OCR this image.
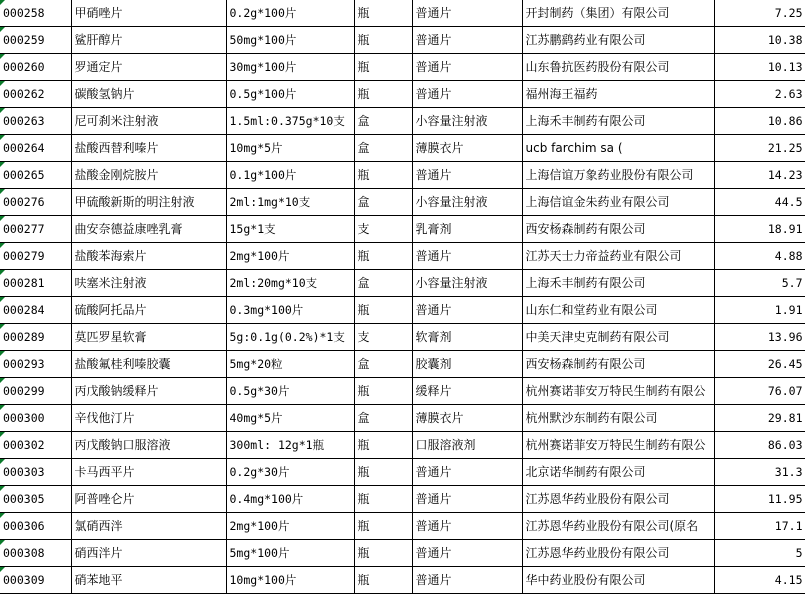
000258	甲硝唑片	0.2g*100片	瓶	普通片	开封制药（集团）有限公司	7.25
000259	鲨肝醇片	50mg*100片	瓶	普通片	江苏鹏鹞药业有限公司	10.38
000260	罗通定片	30mg*100片	瓶	普通片	山东鲁抗医药股份有限公司	10.13
000262	碳酸氢钠片	0.5g*100片	瓶	普通片	福州海王福药	2.63
000263	尼可刹米注射液	1.5ml:0.375g*10支	盒	小容量注射液	上海禾丰制药有限公司	10.86
000264	盐酸西替利嗪片	10mg*5片	盒	薄膜衣片	ucb farchim sa (	21.25
000265	盐酸金刚烷胺片	0.1g*100片	瓶	普通片	上海信谊万象药业股份有限公司	14.23
000276	甲硫酸新斯的明注射液	2ml:1mg*10支	盒	小容量注射液	上海信谊金朱药业有限公司	44.5
000277	曲安奈德益康唑乳膏	15g*1支	支	乳膏剂	西安杨森制药有限公司	18.91
000279	盐酸苯海索片	2mg*100片	瓶	普通片	江苏天士力帝益药业有限公司	4.88
000281	呋塞米注射液	2ml:20mg*10支	盒	小容量注射液	上海禾丰制药有限公司	5.7
000284	硫酸阿托品片	0.3mg*100片	瓶	普通片	山东仁和堂药业有限公司	1.91
000289	莫匹罗星软膏	5g:0.1g(0.2%)*1支	支	软膏剂	中美天津史克制药有限公司	13.96
000293	盐酸氟桂利嗪胶囊	5mg*20粒	盒	胶囊剂	西安杨森制药有限公司	26.45
000299	丙戊酸钠缓释片	0.5g*30片	瓶	缓释片	杭州赛诺菲安万特民生制药有限公	76.07
000300	辛伐他汀片	40mg*5片	盒	薄膜衣片	杭州默沙东制药有限公司	29.81
000302	丙戊酸钠口服溶液	300ml: 12g*1瓶	瓶	口服溶液剂	杭州赛诺菲安万特民生制药有限公	86.03
000303	卡马西平片	0.2g*30片	瓶	普通片	北京诺华制药有限公司	31.3
000305	阿普唑仑片	0.4mg*100片	瓶	普通片	江苏恩华药业股份有限公司	11.95
000306	氯硝西泮	2mg*100片	瓶	普通片	江苏恩华药业股份有限公司(原名	17.1
000308	硝西泮片	5mg*100片	瓶	普通片	江苏恩华药业股份有限公司	5
000309	硝苯地平	10mg*100片	瓶	普通片	华中药业股份有限公司	4.15
